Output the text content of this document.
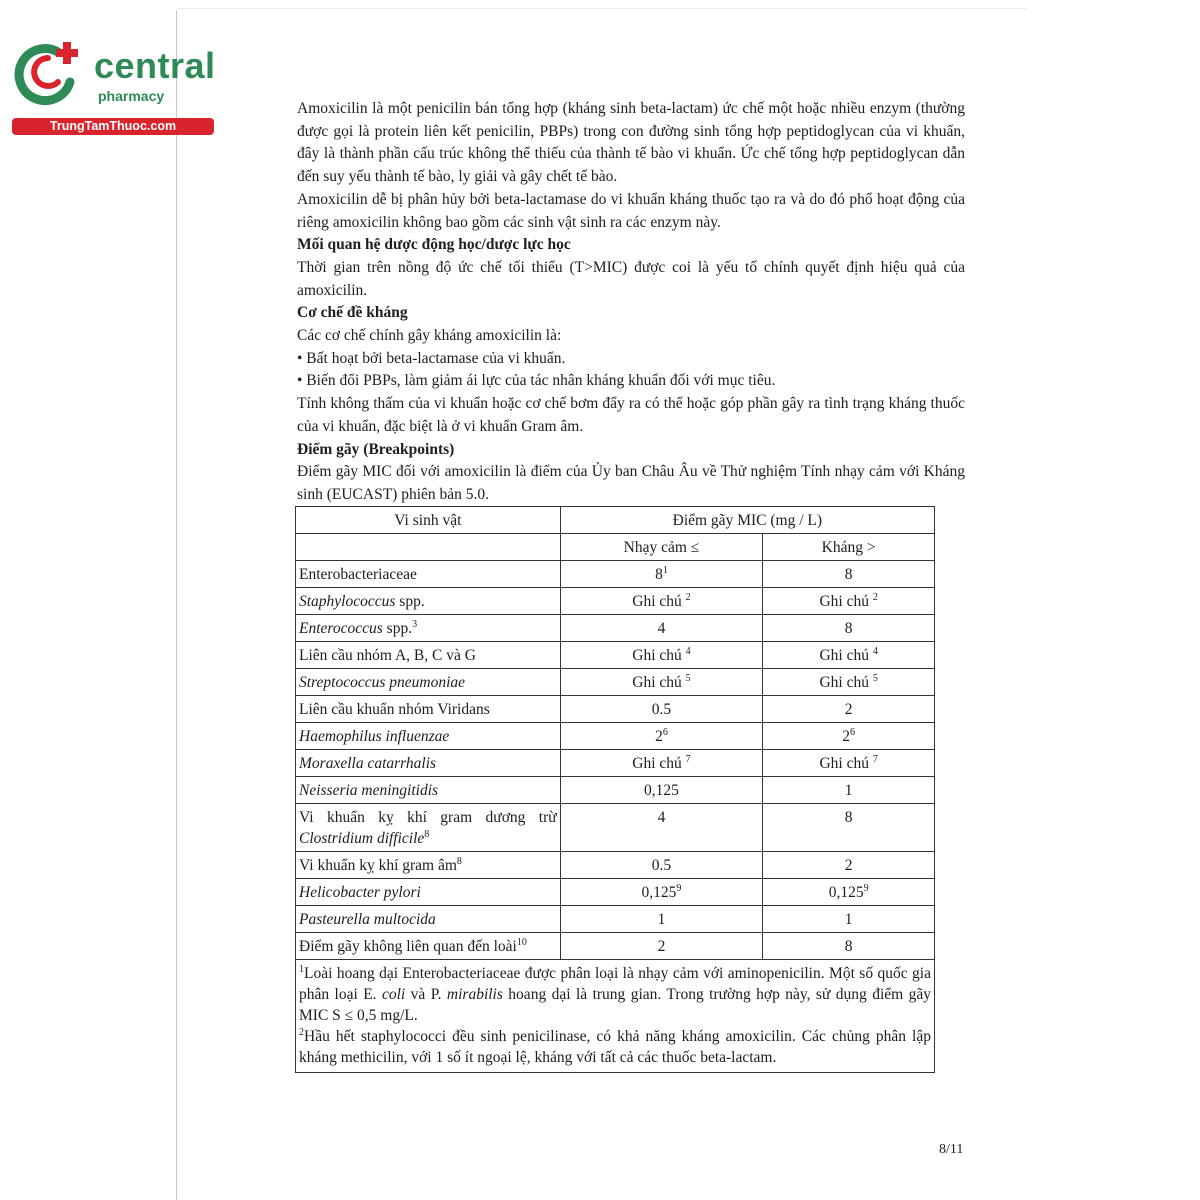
central
pharmacy
TrungTamThuoc.com

Amoxicilin là một penicilin bán tổng hợp (kháng sinh beta-lactam) ức chế một hoặc nhiều enzym (thường được gọi là protein liên kết penicilin, PBPs) trong con đường sinh tổng hợp peptidoglycan của vi khuẩn, đây là thành phần cấu trúc không thể thiếu của thành tế bào vi khuẩn. Ức chế tổng hợp peptidoglycan dẫn đến suy yếu thành tế bào, ly giải và gây chết tế bào.

Amoxicilin dễ bị phân hủy bởi beta-lactamase do vi khuẩn kháng thuốc tạo ra và do đó phổ hoạt động của riêng amoxicilin không bao gồm các sinh vật sinh ra các enzym này.

Mối quan hệ dược động học/dược lực học

Thời gian trên nồng độ ức chế tối thiểu (T>MIC) được coi là yếu tố chính quyết định hiệu quả của amoxicilin.

Cơ chế đề kháng

Các cơ chế chính gây kháng amoxicilin là:

• Bất hoạt bởi beta-lactamase của vi khuẩn.

• Biến đổi PBPs, làm giảm ái lực của tác nhân kháng khuẩn đối với mục tiêu.

Tính không thấm của vi khuẩn hoặc cơ chế bơm đẩy ra có thể hoặc góp phần gây ra tình trạng kháng thuốc của vi khuẩn, đặc biệt là ở vi khuẩn Gram âm.

Điểm gãy (Breakpoints)

Điểm gãy MIC đối với amoxicilin là điểm của Ủy ban Châu Âu về Thử nghiệm Tính nhạy cảm với Kháng sinh (EUCAST) phiên bản 5.0.

Vi sinh vật	Điểm gãy MIC (mg / L)	
	Nhạy cảm ≤	Kháng >
Enterobacteriaceae	$8^1$	8
Staphylococcus spp.	Ghi chú $^2$	Ghi chú $^2$
Enterococcus spp.$^3$	4	8
Liên cầu nhóm A, B, C và G	Ghi chú $^4$	Ghi chú $^4$
Streptococcus pneumoniae	Ghi chú $^5$	Ghi chú $^5$
Liên cầu khuẩn nhóm Viridans	0.5	2
Haemophilus influenzae	$2^6$	$2^6$
Moraxella catarrhalis	Ghi chú $^7$	Ghi chú $^7$
Neisseria meningitidis	0,125	1
Vi khuẩn kỵ khí gram dương trừ Clostridium difficile$^8$	4	8
Vi khuẩn kỵ khí gram $âm^8$	0.5	2
Helicobacter pylori	0,125$^9$	0,125$^9$
Pasteurella multocida	1	1
Điểm gãy không liên quan đến loài$^{10}$	2	8

$^1$Loài hoang dại Enterobacteriaceae được phân loại là nhạy cảm với aminopenicilin. Một số quốc gia phân loại E. coli và P. mirabilis hoang dại là trung gian. Trong trường hợp này, sử dụng điểm gãy MIC S ≤ 0,5 mg/L.

$^2$Hầu hết staphylococci đều sinh penicilinase, có khả năng kháng amoxicilin. Các chủng phân lập kháng methicilin, với 1 số ít ngoại lệ, kháng với tất cả các thuốc beta-lactam.		

8/11
